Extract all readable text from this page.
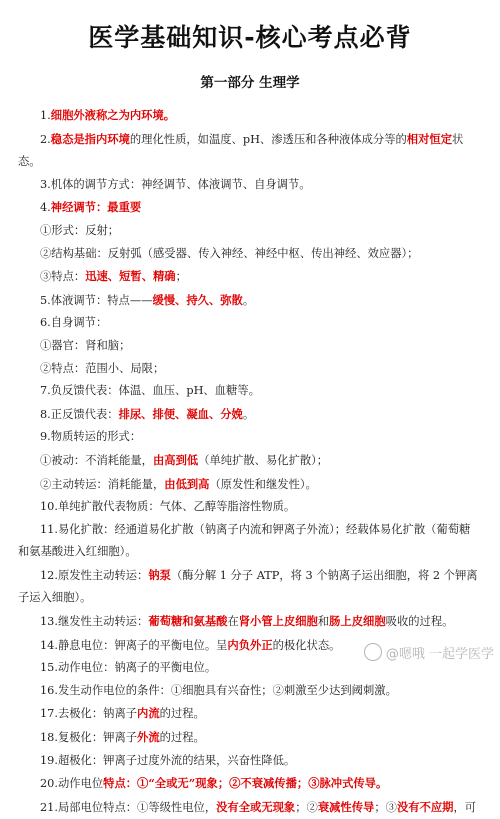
医学基础知识-核心考点必背
第一部分 生理学
1.细胞外液称之为内环境。
2.稳态是指内环境的理化性质，如温度、pH、渗透压和各种液体成分等的相对恒定状
态。
3.机体的调节方式：神经调节、体液调节、自身调节。
4.神经调节：最重要
①形式：反射；
②结构基础：反射弧（感受器、传入神经、神经中枢、传出神经、效应器）；
③特点：迅速、短暂、精确；
5.体液调节：特点——缓慢、持久、弥散。
6.自身调节：
①器官：肾和脑；
②特点：范围小、局限；
7.负反馈代表：体温、血压、pH、血糖等。
8.正反馈代表：排尿、排便、凝血、分娩。
9.物质转运的形式：
①被动：不消耗能量，由高到低（单纯扩散、易化扩散）；
②主动转运：消耗能量，由低到高（原发性和继发性）。
10.单纯扩散代表物质：气体、乙醇等脂溶性物质。
11.易化扩散：经通道易化扩散（钠离子内流和钾离子外流）；经载体易化扩散（葡萄糖
和氨基酸进入红细胞）。
12.原发性主动转运：钠泵（酶分解 1 分子 ATP，将 3 个钠离子运出细胞，将 2 个钾离
子运入细胞）。
13.继发性主动转运：葡萄糖和氨基酸在肾小管上皮细胞和肠上皮细胞吸收的过程。
14.静息电位：钾离子的平衡电位。呈内负外正的极化状态。
15.动作电位：钠离子的平衡电位。
16.发生动作电位的条件：①细胞具有兴奋性；②刺激至少达到阈刺激。
17.去极化：钠离子内流的过程。
18.复极化：钾离子外流的过程。
19.超极化：钾离子过度外流的结果，兴奋性降低。
20.动作电位特点：①“全或无”现象；②不衰减传播；③脉冲式传导。
21.局部电位特点：①等级性电位，没有全或无现象；②衰减性传导；③没有不应期，可
@嗯哦 一起学医学
